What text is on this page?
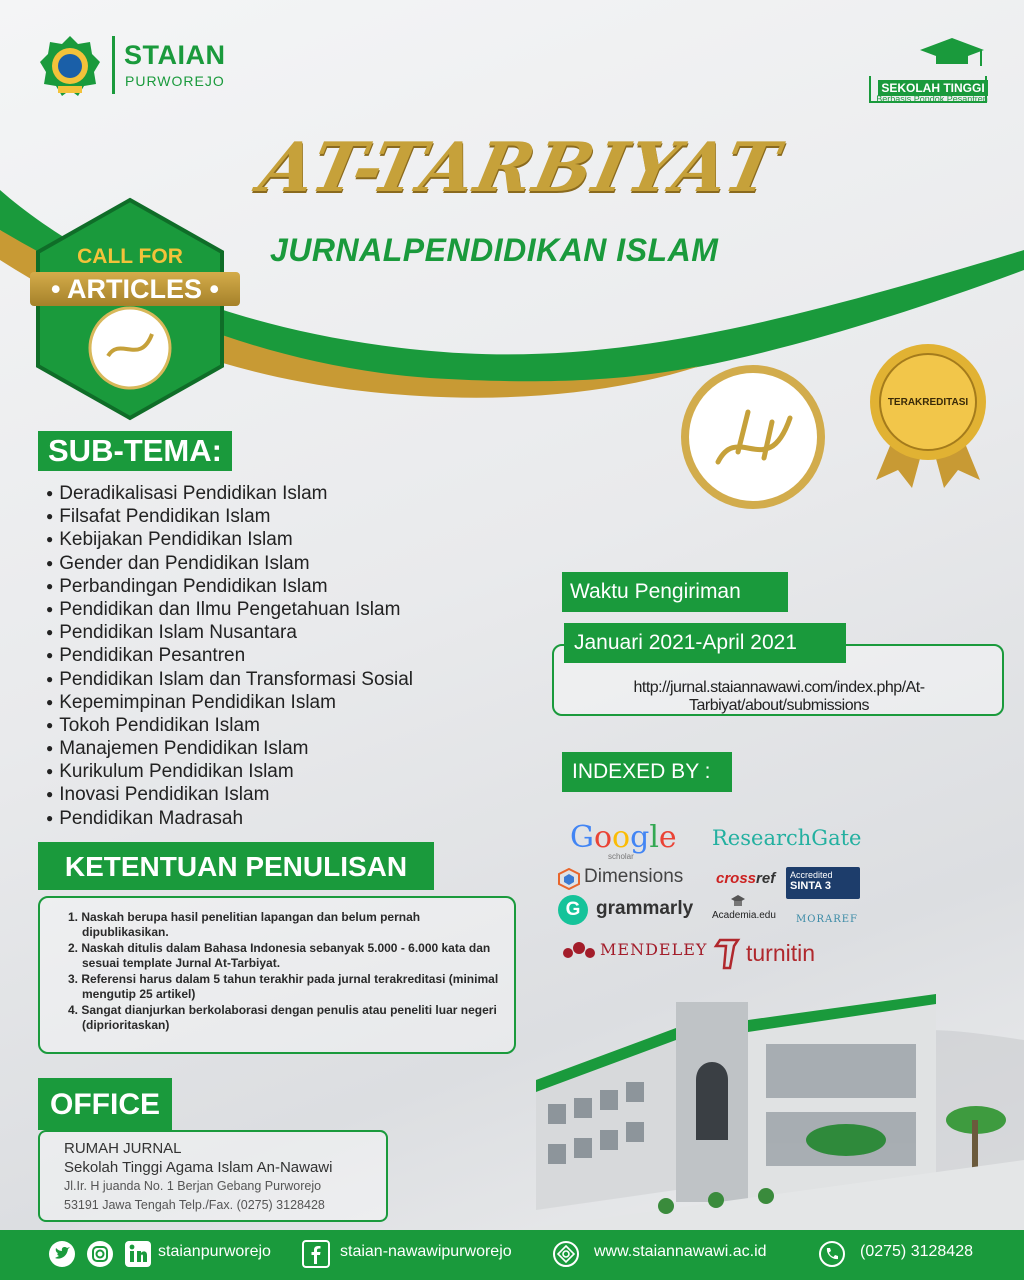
STAIAN
PURWOREJO	SEKOLAH TINGGI
Berbasis Pondok Pesantren
AT-TARBIYAT
JURNALPENDIDIKAN ISLAM
CALL FOR
• ARTICLES •
TERAKREDITASI
SUB-TEMA:
● Deradikalisasi Pendidikan Islam
● Filsafat Pendidikan Islam
● Kebijakan Pendidikan Islam
● Gender dan Pendidikan Islam
● Perbandingan Pendidikan Islam
● Pendidikan dan Ilmu Pengetahuan Islam
● Pendidikan Islam Nusantara
● Pendidikan Pesantren
● Pendidikan Islam dan Transformasi Sosial
● Kepemimpinan Pendidikan Islam
● Tokoh Pendidikan Islam
● Manajemen Pendidikan Islam
● Kurikulum Pendidikan Islam
● Inovasi Pendidikan Islam
● Pendidikan Madrasah
KETENTUAN PENULISAN
1. Naskah berupa hasil penelitian lapangan dan belum pernah dipublikasikan.
2. Naskah ditulis dalam Bahasa Indonesia sebanyak 5.000 - 6.000 kata dan sesuai template Jurnal At-Tarbiyat.
3. Referensi harus dalam 5 tahun terakhir pada jurnal terakreditasi (minimal mengutip 25 artikel)
4. Sangat dianjurkan berkolaborasi dengan penulis atau peneliti luar negeri (diprioritaskan)
OFFICE
RUMAH JURNAL
Sekolah Tinggi Agama Islam An-Nawawi
Jl.Ir. H juanda No. 1 Berjan Gebang Purworejo
53191 Jawa Tengah Telp./Fax. (0275) 3128428
Waktu Pengiriman
Januari 2021-April 2021
http://jurnal.staiannawawi.com/index.php/At-Tarbiyat/about/submissions
INDEXED BY :
Google
scholar
ResearchGate
Dimensions crossref Accredited
SINTA 3
G grammarly Academia.edu MORAREF
MENDELEY turnitin
staianpurworejo	staian-nawawipurworejo	www.staiannawawi.ac.id	(0275) 3128428
